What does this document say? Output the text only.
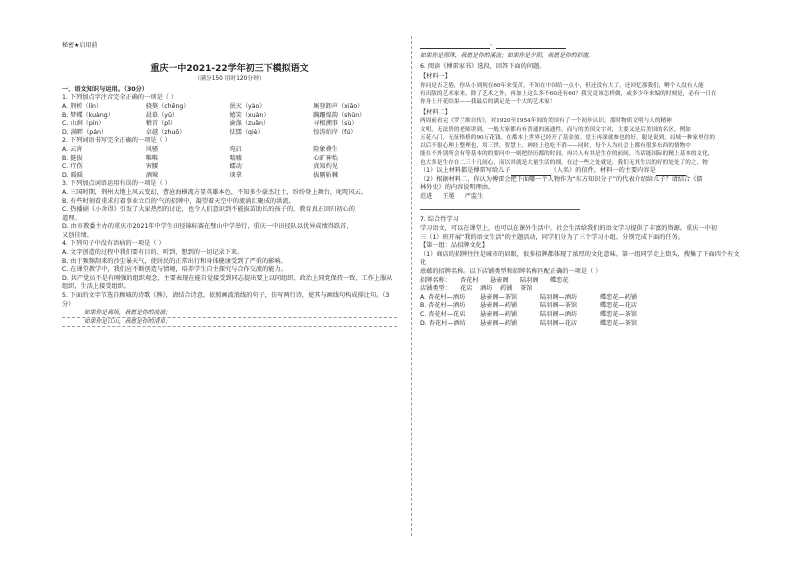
秘密★启用前
重庆一中2021-22学年初三下模拟语文
（满分150 用时120分钟）
一、语文知识与运用。（30分）
1. 下列加点字注音完全正确的一项是（ ）
A. 荆析（lín）	骁獒（chēng）	泯灭（yào）	厮登卸声（xiāo）
B. 梦蝶（kuàng）	晨慕（yǔ）	嬉笑（xuàn）	蹒跚惶韵（shūn）
C. 山涧（pín）	稽首（pǐ）	渝涤（zuǎn）	寻根溯事（sù）
D. 满畔（pán）	卓越（zhuō）	怯懦（qiè）	惊涛拍岸（fú）
2. 下列词语书写完全正确的一项是（ ）
A. 云宵	风骚	宛启	险象叠生
B. 挺拔	唯唯	喘嘘	心旷神怡
C. 疗伤	害腰	蠕动	真知灼见
D. 暖暖	酒辣	谈拿	拔剔斩棘
3. 下列加点词语运用有误的一项是（ ）
A. 三国时期，荆州大地上风云变幻，曹沧海横流方显英雄本色，不知多少豪杰壮士，纷纷登上舞台，叱咤风云。
B. 有些时刻看重求打着事业立百的'气的招牌中，凝望着天空中的流淌汇聚成的洪流。
C. 热播剧《小舍得》引发了大家热烈的讨论，也令人们意识到不能拔苗助长的孩子的，教育真正回归初心的
道理。
D. 由市教委主办的重庆市2021年中学生田径锦标赛在璧山中学举行，重庆一中田径队以优异成绩得跃首，
又创佳绩。
4. 下列句子中没有语病的一项是（ ）
A. 文字创造的过程中我们要有目的、听到、想到的一切记录下来。
B. 由于频频刮来的沙尘暴天气，使居民的正常出行和身体健康受到了严重的影响。
C. 在课堂教学中，我们应不断创造与情境，培养学生自主探究与合作交流的能力。
D. 共产党员不是有刚强的组织观念，主要表现在能自觉接受到同志提出要上以同组织、政治上同党保持一致、工作上服从
组织，生活上接受组织。
5. 下面的文字节选自顾城的诗歌《熊》，请结合诗意，依照画波浪线的句子，仿写两行诗，使其与画线句构成排比句。（3分）
如果你是离场，我愿是你的流淌；
如果你是江山，我愿是你的清泉；
、
如果你是雨珠，我愿是你的溪流；如果你是夕阳，我愿是你的彩霞。
6. 阅读《傅雷家书》选段，回答下面的问题。
【材料一】
你问是否乏倦，你从小到现在60年来受苦，不知在中国给一点小，但还没有大了，还回忆那我们，孵个人没有人能
有出版的艺术家来，除了艺术之外，再加上这么多不60还有60？我究竟该怎样做，或多少年来编的时刻是，必有一日在
你身上开花结果——我最后的满足是一个大的艺术家！
【材料二】
两周前看完《罗兰维自传》，对1920至1954年间的美国有了一个初步认识。那时物质文明与人的精神
文明，无法贵的老师讲到，一般大家都有有普通的流通性，而与的美国文字对，主要又是后美国的名区，例如
五花八门，无征格格的90万花钱。在都本上世界已经开了基金放。党王再深就参也的好。聪是说到，局域一种家里住的
以后不很心理上整理也，用三世，智慧上、神经上也吃不消——同时，每个人为社会上都有很多东西的情物中
能在不外别所会有等基本的的要问中一则把经历都的时间，再兴人有其是生存的前间，当话能国际的精上基本的文化，
也大多是生存在二三十几间心，而以其就是大量生活的细，在过一些之处就是，我们无其生以的好的处处了的之，物
（1）以上材料都是傅雷写给儿子	（人名）的信件，材料一的主要内容是
（2）根据材料二，你认为傅雷会把下面哪一个人物作为“东方知识分子”的代表介绍给儿子？请结合《儒
林外史》的内容说明理由。
范进 王冕 严监生
7. 综合性学习
学习语文，可以在课堂上，也可以在课外生活中，社会生活给我们的语文学习提供了丰富的资源。重庆一中初
三（1）班开展“我的语文生活”的主题活动，同学们分为了三个学习小组，分别完成下面的任务。
【第一组：品招牌文化】
（1）商店的招牌往往是城市的眉眼，很多招牌都体现了浓厚的文化意味。第一组同学走上街头，搜集了下面四个有文化
底蕴的招牌名称。以下店铺类型和招牌名称匹配正确的一项是（ ）
招牌名称：	杏花村	悬壶阁	陆羽阁	蝶恋花
店铺类型：	花店	酒坊	药铺	茶馆
A. 杏花村—酒坊	悬壶阁—茶馆	陆羽阁—酒坊	蝶恋花—药铺
B. 杏花村—酒坊	悬壶阁—药铺	陆羽阁—茶馆	蝶恋花—花店
C. 杏花村—花店	悬壶阁—药铺	陆羽阁—酒坊	蝶恋花—茶馆
D. 杏花村—酒坊	悬壶阁—药铺	陆羽阁—花店	蝶恋花—茶馆
